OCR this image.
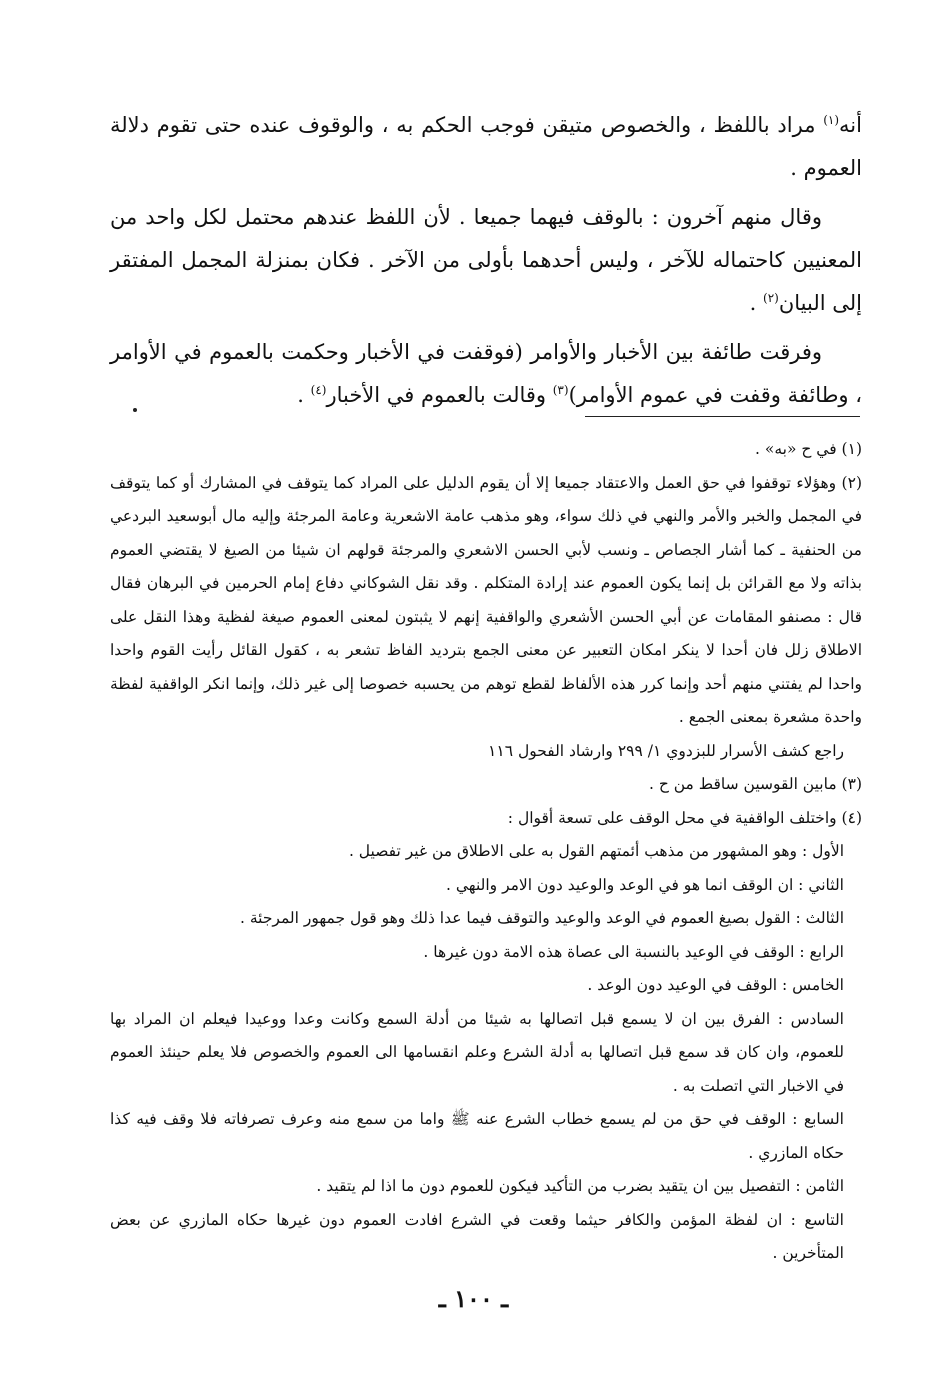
أنه$^{(١)}$ مراد باللفظ ، والخصوص متيقن فوجب الحكم به ، والوقوف عنده حتى تقوم دلالة العموم .

وقال منهم آخرون : بالوقف فيهما جميعا . لأن اللفظ عندهم محتمل لكل واحد من المعنيين كاحتماله للآخر ، وليس أحدهما بأولى من الآخر . فكان بمنزلة المجمل المفتقر إلى البيان$^{(٢)}$ .

وفرقت طائفة بين الأخبار والأوامر (فوقفت في الأخبار وحكمت بالعموم في الأوامر ، وطائفة وقفت في عموم الأوامر)$^{(٣)}$ وقالت بالعموم في الأخبار$^{(٤)}$ .

(١) في ح «به» .

(٢) وهؤلاء توقفوا في حق العمل والاعتقاد جميعا إلا أن يقوم الدليل على المراد كما يتوقف في المشارك أو كما يتوقف في المجمل والخبر والأمر والنهي في ذلك سواء، وهو مذهب عامة الاشعرية وعامة المرجئة وإليه مال أبوسعيد البردعي من الحنفية ـ كما أشار الجصاص ـ ونسب لأبي الحسن الاشعري والمرجئة قولهم ان شيئا من الصيغ لا يقتضي العموم بذاته ولا مع القرائن بل إنما يكون العموم عند إرادة المتكلم . وقد نقل الشوكاني دفاع إمام الحرمين في البرهان فقال قال : مصنفو المقامات عن أبي الحسن الأشعري والواقفية إنهم لا يثبتون لمعنى العموم صيغة لفظية وهذا النقل على الاطلاق زلل فان أحدا لا ينكر امكان التعبير عن معنى الجمع بترديد الفاظ تشعر به ، كقول القائل رأيت القوم واحدا واحدا لم يفتني منهم أحد وإنما كرر هذه الألفاظ لقطع توهم من يحسبه خصوصا إلى غير ذلك، وإنما انكر الواقفية لفظة واحدة مشعرة بمعنى الجمع .

راجع كشف الأسرار للبزدوي ١/ ٢٩٩ وارشاد الفحول ١١٦

(٣) مابين القوسين ساقط من ح .

(٤) واختلف الواقفية في محل الوقف على تسعة أقوال :

الأول : وهو المشهور من مذهب أئمتهم القول به على الاطلاق من غير تفصيل .

الثاني : ان الوقف انما هو في الوعد والوعيد دون الامر والنهي .

الثالث : القول بصيغ العموم في الوعد والوعيد والتوقف فيما عدا ذلك وهو قول جمهور المرجئة .

الرابع : الوقف في الوعيد بالنسبة الى عصاة هذه الامة دون غيرها .

الخامس : الوقف في الوعيد دون الوعد .

السادس : الفرق بين ان لا يسمع قبل اتصالها به شيئا من أدلة السمع وكانت وعدا ووعيدا فيعلم ان المراد بها للعموم، وان كان قد سمع قبل اتصالها به أدلة الشرع وعلم انقسامها الى العموم والخصوص فلا يعلم حينئذ العموم في الاخبار التي اتصلت به .

السابع : الوقف في حق من لم يسمع خطاب الشرع عنه ﷺ واما من سمع منه وعرف تصرفاته فلا وقف فيه كذا حكاه المازري .

الثامن : التفصيل بين ان يتقيد بضرب من التأكيد فيكون للعموم دون ما اذا لم يتقيد .

التاسع : ان لفظة المؤمن والكافر حيثما وقعت في الشرع افادت العموم دون غيرها حكاه المازري عن بعض المتأخرين .

ـ ١٠٠ ـ
